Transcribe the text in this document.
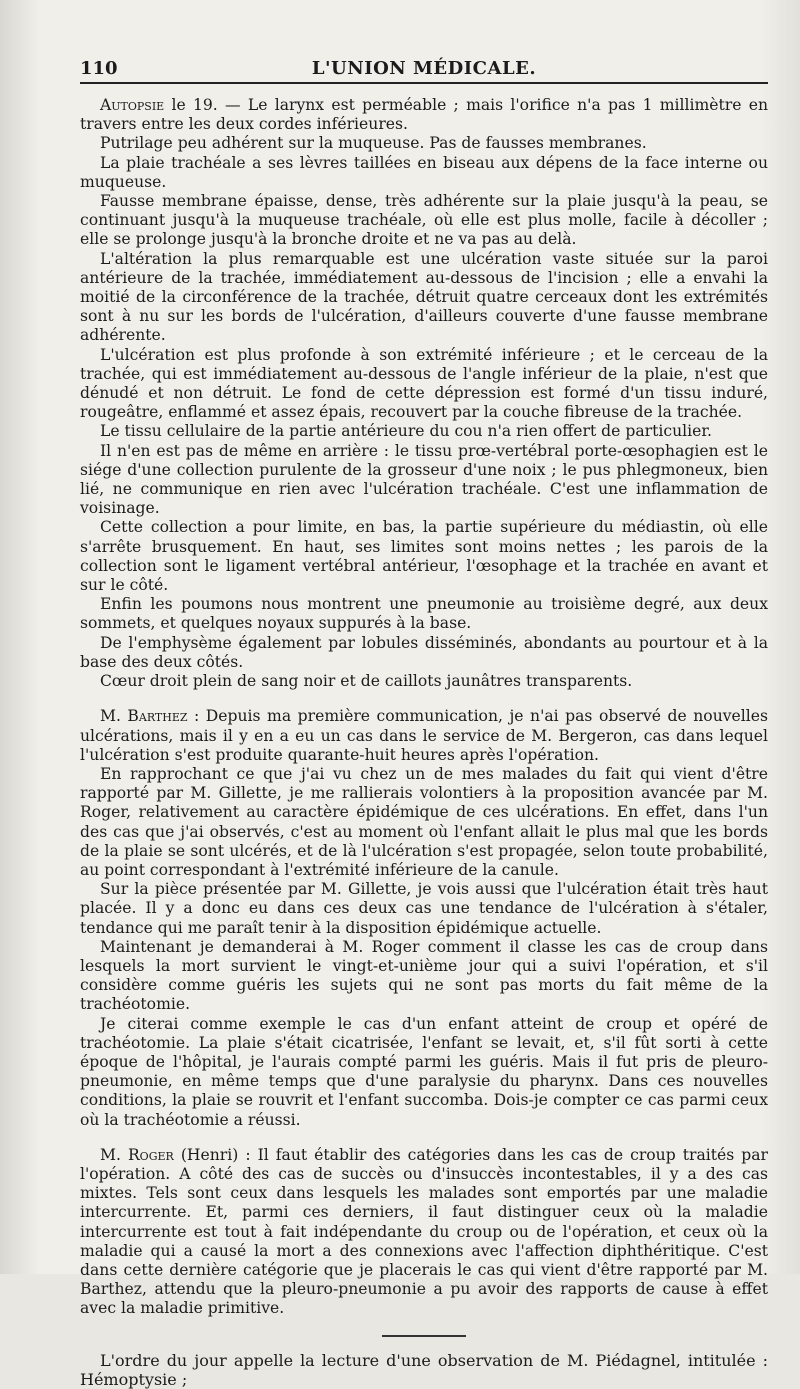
110	L'UNION MÉDICALE.

Autopsie le 19. — Le larynx est perméable ; mais l'orifice n'a pas 1 millimètre en travers entre les deux cordes inférieures.

Putrilage peu adhérent sur la muqueuse. Pas de fausses membranes.

La plaie trachéale a ses lèvres taillées en biseau aux dépens de la face interne ou muqueuse.

Fausse membrane épaisse, dense, très adhérente sur la plaie jusqu'à la peau, se continuant jusqu'à la muqueuse trachéale, où elle est plus molle, facile à décoller ; elle se prolonge jusqu'à la bronche droite et ne va pas au delà.

L'altération la plus remarquable est une ulcération vaste située sur la paroi antérieure de la trachée, immédiatement au-dessous de l'incision ; elle a envahi la moitié de la circonférence de la trachée, détruit quatre cerceaux dont les extrémités sont à nu sur les bords de l'ulcération, d'ailleurs couverte d'une fausse membrane adhérente.

L'ulcération est plus profonde à son extrémité inférieure ; et le cerceau de la trachée, qui est immédiatement au-dessous de l'angle inférieur de la plaie, n'est que dénudé et non détruit. Le fond de cette dépression est formé d'un tissu induré, rougeâtre, enflammé et assez épais, recouvert par la couche fibreuse de la trachée.

Le tissu cellulaire de la partie antérieure du cou n'a rien offert de particulier.

Il n'en est pas de même en arrière : le tissu prœ-vertébral porte-œsophagien est le siége d'une collection purulente de la grosseur d'une noix ; le pus phlegmoneux, bien lié, ne communique en rien avec l'ulcération trachéale. C'est une inflammation de voisinage.

Cette collection a pour limite, en bas, la partie supérieure du médiastin, où elle s'arrête brusquement. En haut, ses limites sont moins nettes ; les parois de la collection sont le ligament vertébral antérieur, l'œsophage et la trachée en avant et sur le côté.

Enfin les poumons nous montrent une pneumonie au troisième degré, aux deux sommets, et quelques noyaux suppurés à la base.

De l'emphysème également par lobules disséminés, abondants au pourtour et à la base des deux côtés.

Cœur droit plein de sang noir et de caillots jaunâtres transparents.

M. Barthez : Depuis ma première communication, je n'ai pas observé de nouvelles ulcérations, mais il y en a eu un cas dans le service de M. Bergeron, cas dans lequel l'ulcération s'est produite quarante-huit heures après l'opération.

En rapprochant ce que j'ai vu chez un de mes malades du fait qui vient d'être rapporté par M. Gillette, je me rallierais volontiers à la proposition avancée par M. Roger, relativement au caractère épidémique de ces ulcérations. En effet, dans l'un des cas que j'ai observés, c'est au moment où l'enfant allait le plus mal que les bords de la plaie se sont ulcérés, et de là l'ulcération s'est propagée, selon toute probabilité, au point correspondant à l'extrémité inférieure de la canule.

Sur la pièce présentée par M. Gillette, je vois aussi que l'ulcération était très haut placée. Il y a donc eu dans ces deux cas une tendance de l'ulcération à s'étaler, tendance qui me paraît tenir à la disposition épidémique actuelle.

Maintenant je demanderai à M. Roger comment il classe les cas de croup dans lesquels la mort survient le vingt-et-unième jour qui a suivi l'opération, et s'il considère comme guéris les sujets qui ne sont pas morts du fait même de la trachéotomie.

Je citerai comme exemple le cas d'un enfant atteint de croup et opéré de trachéotomie. La plaie s'était cicatrisée, l'enfant se levait, et, s'il fût sorti à cette époque de l'hôpital, je l'aurais compté parmi les guéris. Mais il fut pris de pleuro-pneumonie, en même temps que d'une paralysie du pharynx. Dans ces nouvelles conditions, la plaie se rouvrit et l'enfant succomba. Dois-je compter ce cas parmi ceux où la trachéotomie a réussi.

M. Roger (Henri) : Il faut établir des catégories dans les cas de croup traités par l'opération. A côté des cas de succès ou d'insuccès incontestables, il y a des cas mixtes. Tels sont ceux dans lesquels les malades sont emportés par une maladie intercurrente. Et, parmi ces derniers, il faut distinguer ceux où la maladie intercurrente est tout à fait indépendante du croup ou de l'opération, et ceux où la maladie qui a causé la mort a des connexions avec l'affection diphthéritique. C'est dans cette dernière catégorie que je placerais le cas qui vient d'être rapporté par M. Barthez, attendu que la pleuro-pneumonie a pu avoir des rapports de cause à effet avec la maladie primitive.

L'ordre du jour appelle la lecture d'une observation de M. Piédagnel, intitulée : Hémoptysie ;
